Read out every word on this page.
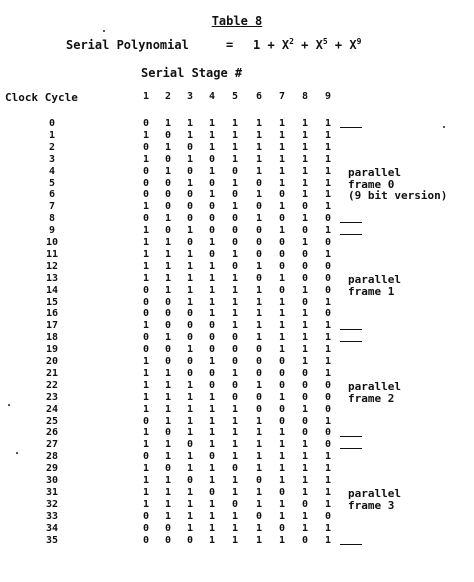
Table 8
Serial Polynomial	= $1 + X^2 + X^5 + X^9$
Serial Stage #
Clock Cycle	1	2	3	4	5	6	7	8	9
0	0	1	1	1	1	1	1	1	1
1	1	0	1	1	1	1	1	1	1
2	0	1	0	1	1	1	1	1	1
3	1	0	1	0	1	1	1	1	1
4	0	1	0	1	0	1	1	1	1
5	0	0	1	0	1	0	1	1	1
6	0	0	0	1	0	1	0	1	1
7	1	0	0	0	1	0	1	0	1
8	0	1	0	0	0	1	0	1	0
9	1	0	1	0	0	0	1	0	1
10	1	1	0	1	0	0	0	1	0
11	1	1	1	0	1	0	0	0	1
12	1	1	1	1	0	1	0	0	0
13	1	1	1	1	1	0	1	0	0
14	0	1	1	1	1	1	0	1	0
15	0	0	1	1	1	1	1	0	1
16	0	0	0	1	1	1	1	1	0
17	1	0	0	0	1	1	1	1	1
18	0	1	0	0	0	1	1	1	1
19	0	0	1	0	0	0	1	1	1
20	1	0	0	1	0	0	0	1	1
21	1	1	0	0	1	0	0	0	1
22	1	1	1	0	0	1	0	0	0
23	1	1	1	1	0	0	1	0	0
24	1	1	1	1	1	0	0	1	0
25	0	1	1	1	1	1	0	0	1
26	1	0	1	1	1	1	1	0	0
27	1	1	0	1	1	1	1	1	0
28	0	1	1	0	1	1	1	1	1
29	1	0	1	1	0	1	1	1	1
30	1	1	0	1	1	0	1	1	1
31	1	1	1	0	1	1	0	1	1
32	1	1	1	1	0	1	1	0	1
33	0	1	1	1	1	0	1	1	0
34	0	0	1	1	1	1	0	1	1
35	0	0	0	1	1	1	1	0	1
parallel
frame 0
(9 bit version)
parallel
frame 1
parallel
frame 2
parallel
frame 3
